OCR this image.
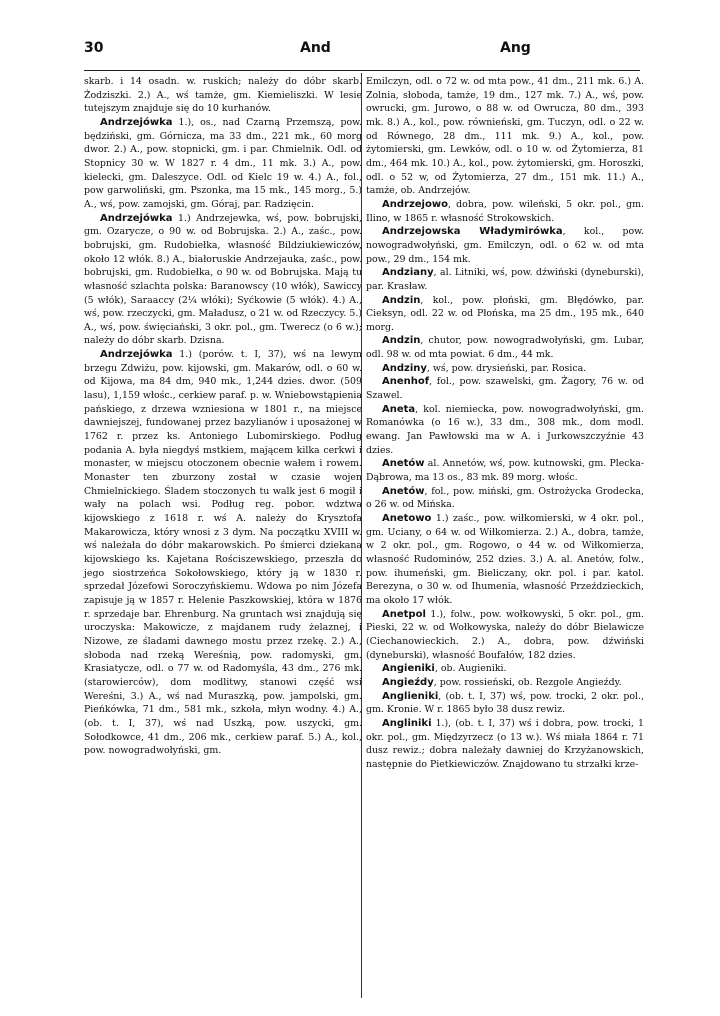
30	And	Ang

skarb. i 14 osadn. w. ruskich; należy do dóbr skarb. Żodziszki. 2.) A., wś tamże, gm. Kiemieliszki. W lesie tutejszym znajduje się do 10 kurhanów.

Andrzejówka 1.), os., nad Czarną Przemszą, pow. będziński, gm. Górnicza, ma 33 dm., 221 mk., 60 morg dwor. 2.) A., pow. stopnicki, gm. i par. Chmielnik. Odl. od Stopnicy 30 w. W 1827 r. 4 dm., 11 mk. 3.) A., pow. kielecki, gm. Daleszyce. Odl. od Kielc 19 w. 4.) A., fol., pow garwoliński, gm. Pszonka, ma 15 mk., 145 morg., 5.) A., wś, pow. zamojski, gm. Góraj, par. Radzięcin.

Andrzejówka 1.) Andrzejewka, wś, pow. bobrujski, gm. Ozarycze, o 90 w. od Bobrujska. 2.) A., zaśc., pow. bobrujski, gm. Rudobiełka, własność Bildziukiewiczów, około 12 włók. 8.) A., białoruskie Andrzejauka, zaśc., pow. bobrujski, gm. Rudobiełka, o 90 w. od Bobrujska. Mają tu własność szlachta polska: Baranowscy (10 włók), Sawiccy (5 włók), Saraaccy (2¼ włóki); Syćkowie (5 włók). 4.) A., wś, pow. rzeczycki, gm. Maładusz, o 21 w. od Rzeczycy. 5.) A., wś, pow. święciański, 3 okr. pol., gm. Twerecz (o 6 w.); należy do dóbr skarb. Dzisna.

Andrzejówka 1.) (porów. t. I, 37), wś na lewym brzegu Zdwiżu, pow. kijowski, gm. Makarów, odl. o 60 w. od Kijowa, ma 84 dm, 940 mk., 1,244 dzies. dwor. (509 lasu), 1,159 włośc., cerkiew paraf. p. w. Wniebowstąpienia pańskiego, z drzewa wzniesiona w 1801 r., na miejsce dawniejszej, fundowanej przez bazylianów i uposażonej w 1762 r. przez ks. Antoniego Lubomirskiego. Podług podania A. była niegdyś mstkiem, mającem kilka cerkwi i monaster, w miejscu otoczonem obecnie wałem i rowem. Monaster ten zburzony został w czasie wojen Chmielnickiego. Śladem stoczonych tu walk jest 6 mogił i wały na polach wsi. Podług reg. pobor. wdztwa kijowskiego z 1618 r. wś A. należy do Krysztofa Makarowicza, który wnosi z 3 dym. Na początku XVIII w. wś należała do dóbr makarowskich. Po śmierci dziekana kijowskiego ks. Kajetana Rościszewskiego, przeszła do jego siostrzeńca Sokołowskiego, który ją w 1830 r. sprzedał Józefowi Soroczyńskiemu. Wdowa po nim Józefa zapisuje ją w 1857 r. Helenie Paszkowskiej, która w 1876 r. sprzedaje bar. Ehrenburg. Na gruntach wsi znajdują się uroczyska: Makowicze, z majdanem rudy żelaznej, i Nizowe, ze śladami dawnego mostu przez rzekę. 2.) A., słoboda nad rzeką Wereśnią, pow. radomyski, gm. Krasiatycze, odl. o 77 w. od Radomyśla, 43 dm., 276 mk. (starowierców), dom modlitwy, stanowi część wsi Wereśni, 3.) A., wś nad Muraszką, pow. jampolski, gm. Pieńkówka, 71 dm., 581 mk., szkoła, młyn wodny. 4.) A., (ob. t. I, 37), wś nad Uszką, pow. uszycki, gm. Sołodkowce, 41 dm., 206 mk., cerkiew paraf. 5.) A., kol., pow. nowogradwołyński, gm.

Emilczyn, odl. o 72 w. od mta pow., 41 dm., 211 mk. 6.) A. Zolnia, słoboda, tamże, 19 dm., 127 mk. 7.) A., wś, pow. owrucki, gm. Jurowo, o 88 w. od Owrucza, 80 dm., 393 mk. 8.) A., kol., pow. równieński, gm. Tuczyn, odl. o 22 w. od Równego, 28 dm., 111 mk. 9.) A., kol., pow. żytomierski, gm. Lewków, odl. o 10 w. od Żytomierza, 81 dm., 464 mk. 10.) A., kol., pow. żytomierski, gm. Horoszki, odl. o 52 w, od Żytomierza, 27 dm., 151 mk. 11.) A., tamże, ob. Andrzejów.

Andrzejowo, dobra, pow. wileński, 5 okr. pol., gm. Ilino, w 1865 r. własność Strokowskich.

Andrzejowska Władymirówka, kol., pow. nowogradwołyński, gm. Emilczyn, odl. o 62 w. od mta pow., 29 dm., 154 mk.

Andziany, al. Litniki, wś, pow. dźwiński (dyneburski), par. Krasław.

Andzin, kol., pow. płoński, gm. Błędówko, par. Cieksyn, odl. 22 w. od Płońska, ma 25 dm., 195 mk., 640 morg.

Andzin, chutor, pow. nowogradwołyński, gm. Lubar, odl. 98 w. od mta powiat. 6 dm., 44 mk.

Andziny, wś, pow. drysieński, par. Rosica.

Anenhof, fol., pow. szawelski, gm. Żagory, 76 w. od Szawel.

Aneta, kol. niemiecka, pow. nowogradwołyński, gm. Romanówka (o 16 w.), 33 dm., 308 mk., dom modl. ewang. Jan Pawłowski ma w A. i Jurkowszczyźnie 43 dzies.

Anetów al. Annetów, wś, pow. kutnowski, gm. Plecka-Dąbrowa, ma 13 os., 83 mk. 89 morg. włośc.

Anetów, fol., pow. miński, gm. Ostrożycka Grodecka, o 26 w. od Mińska.

Anetowo 1.) zaśc., pow. wiłkomierski, w 4 okr. pol., gm. Uciany, o 64 w. od Wiłkomierza. 2.) A., dobra, tamże, w 2 okr. pol., gm. Rogowo, o 44 w. od Wiłkomierza, własność Rudominów, 252 dzies. 3.) A. al. Anetów, folw., pow. ihumeński, gm. Bieliczany, okr. pol. i par. katol. Berezyna, o 30 w. od Ihumenia, własność Przeździeckich, ma około 17 włók.

Anetpol 1.), folw., pow. wołkowyski, 5 okr. pol., gm. Pieski, 22 w. od Wołkowyska, należy do dóbr Bielawicze (Ciechanowieckich. 2.) A., dobra, pow. dźwiński (dyneburski), własność Boufałów, 182 dzies.

Angieniki, ob. Augieniki.

Angieźdy, pow. rossieński, ob. Rezgole Angieźdy.

Anglieniki, (ob. t. I, 37) wś, pow. trocki, 2 okr. pol., gm. Kronie. W r. 1865 było 38 dusz rewiz.

Angliniki 1.), (ob. t. I, 37) wś i dobra, pow. trocki, 1 okr. pol., gm. Międzyrzecz (o 13 w.). Wś miała 1864 r. 71 dusz rewiz.; dobra należały dawniej do Krzyżanowskich, następnie do Pietkiewiczów. Znajdowano tu strzałki krze-
